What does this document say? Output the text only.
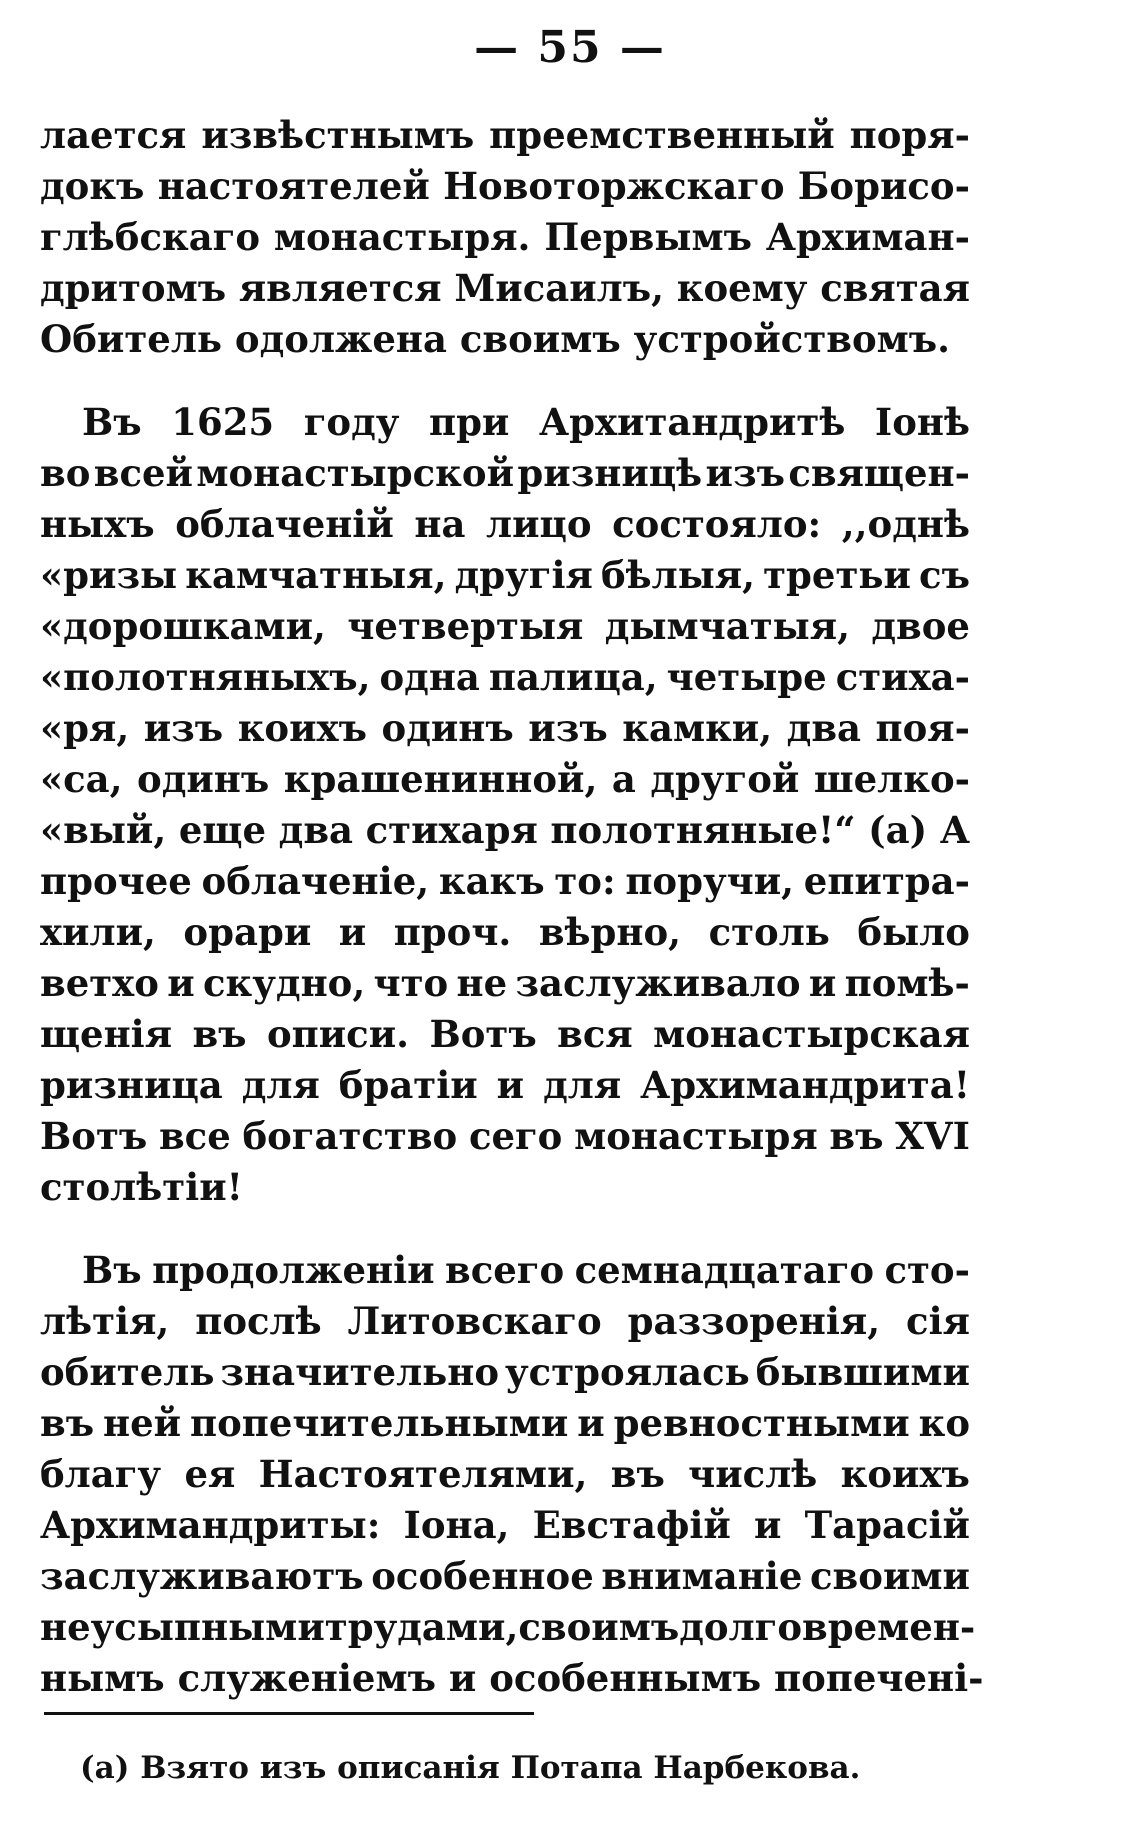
— 55 —
лается извѣстнымъ преемственный поря-
докъ настоятелей Новоторжскаго Борисо-
глѣбскаго монастыря. Первымъ Архиман-
дритомъ является Мисаилъ, коему святая
Обитель
одолжена
своимъ
устройствомъ.
Въ 1625 году при Архитандритѣ Іонѣ
во всей монастырской ризницѣ изъ священ-
ныхъ облаченій на лицо состояло: ,,однѣ
«ризы камчатныя, другія бѣлыя, третьи съ
«дорошками, четвертыя дымчатыя, двое
«полотняныхъ, одна палица, четыре стиха-
«ря, изъ коихъ одинъ изъ камки, два поя-
«са, одинъ крашенинной, а другой шелко-
«вый, еще два стихаря полотняные!“ (а) А
прочее облаченіе, какъ то: поручи, епитра-
хили, орари и проч. вѣрно, столь было
ветхо и скудно, что не заслуживало и помѣ-
щенія въ описи. Вотъ вся монастырская
ризница для братіи и для Архимандрита!
Вотъ все богатство сего монастыря въ XVI
столѣтіи!
Въ продолженіи всего семнадцатаго сто-
лѣтія, послѣ Литовскаго раззоренія, сія
обитель значительно устроялась бывшими
въ ней попечительными и ревностными ко
благу ея Настоятелями, въ числѣ коихъ
Архимандриты: Іона, Евстафій и Тарасій
заслуживаютъ особенное вниманіе своими
неусыпными трудами, своимъ долговремен-
нымъ
служеніемъ
и
особеннымъ
попечені-
(а) Взято изъ описанія Потапа Нарбекова.
